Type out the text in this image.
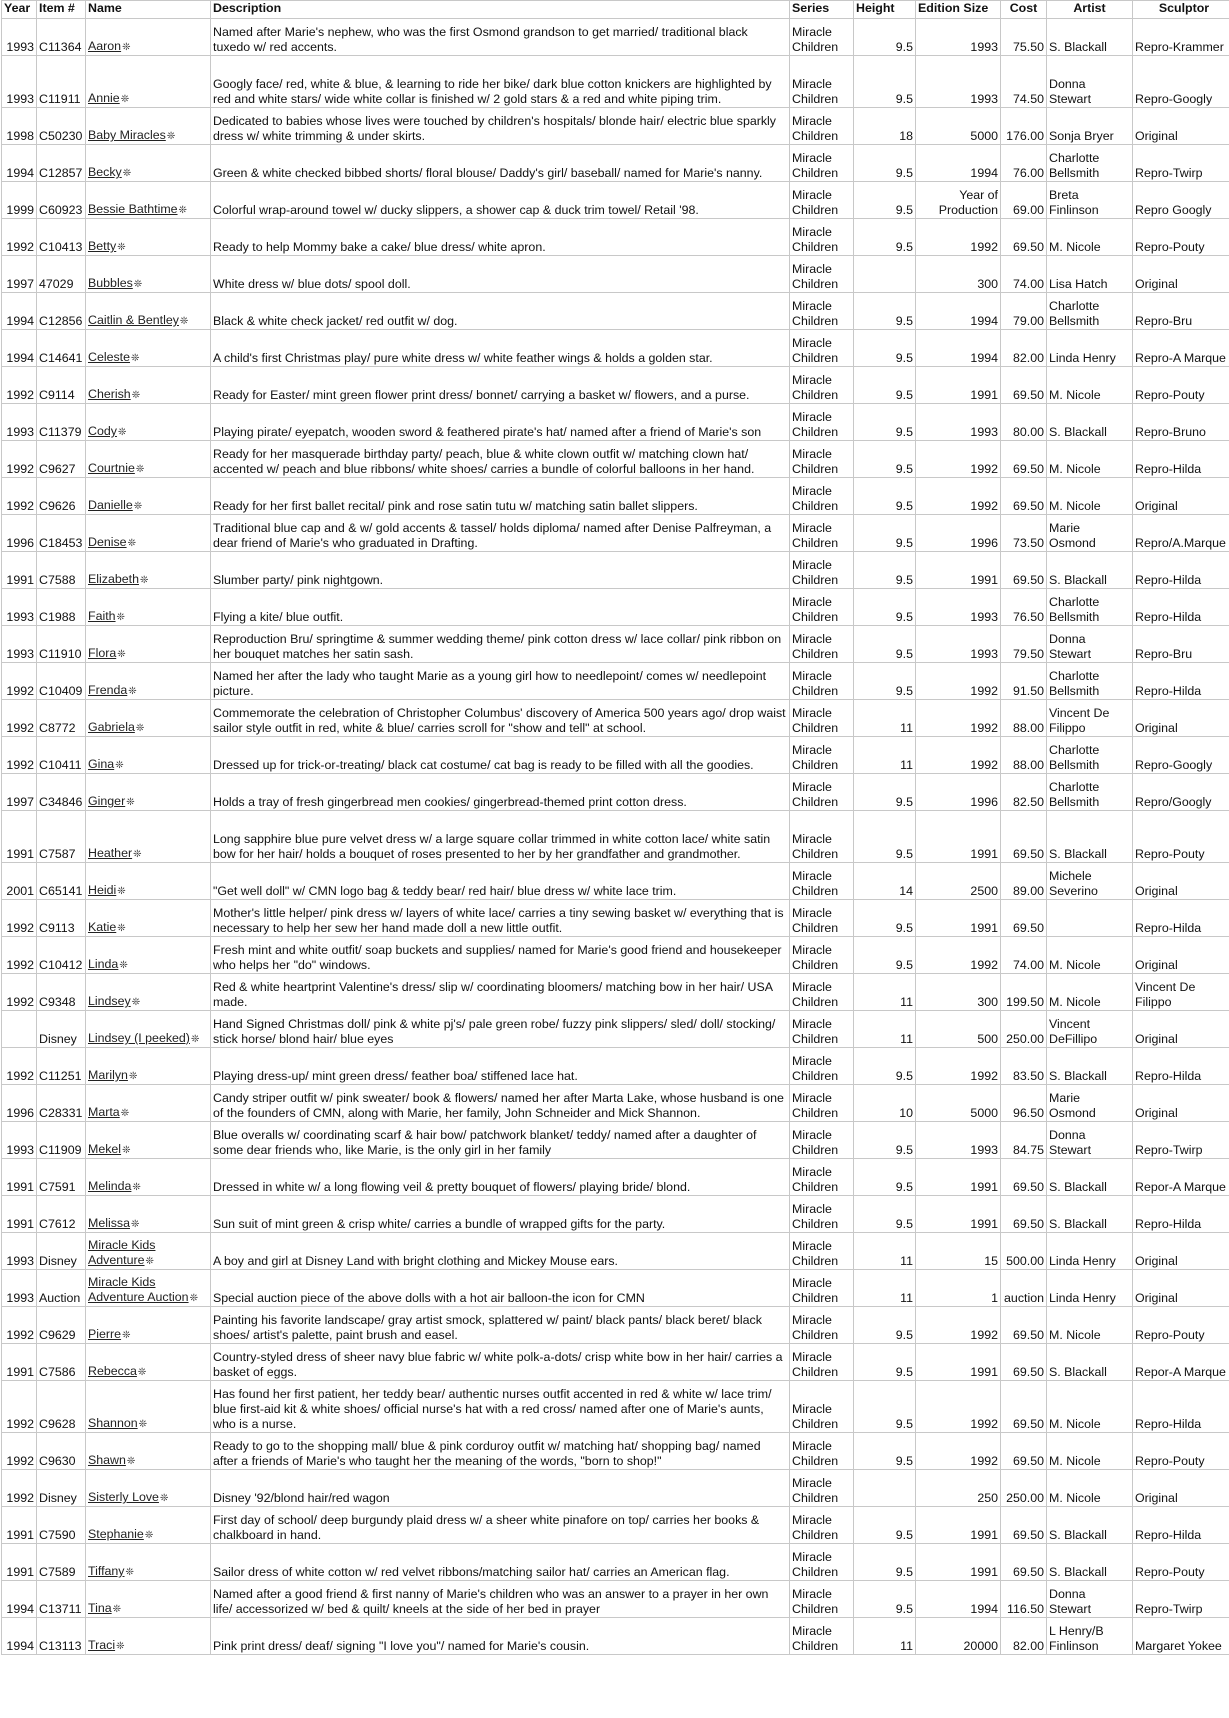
Year	Item #	Name	Description	Series	Height	Edition Size	Cost	Artist	Sculptor
1993	C11364	Aaron❊	Named after Marie's nephew, who was the first Osmond grandson to get married/ traditional black tuxedo w/ red accents.	Miracle Children	9.5	1993	75.50	S. Blackall	Repro-Krammer
1993	C11911	Annie❊	Googly face/ red, white & blue, & learning to ride her bike/ dark blue cotton knickers are highlighted by red and white stars/ wide white collar is finished w/ 2 gold stars & a red and white piping trim.	Miracle Children	9.5	1993	74.50	Donna Stewart	Repro-Googly
1998	C50230	Baby Miracles❊	Dedicated to babies whose lives were touched by children's hospitals/ blonde hair/ electric blue sparkly dress w/ white trimming & under skirts.	Miracle Children	18	5000	176.00	Sonja Bryer	Original
1994	C12857	Becky❊	Green & white checked bibbed shorts/ floral blouse/ Daddy's girl/ baseball/ named for Marie's nanny.	Miracle Children	9.5	1994	76.00	Charlotte Bellsmith	Repro-Twirp
1999	C60923	Bessie Bathtime❊	Colorful wrap-around towel w/ ducky slippers, a shower cap & duck trim towel/ Retail '98.	Miracle Children	9.5	Year of Production	69.00	Breta Finlinson	Repro Googly
1992	C10413	Betty❊	Ready to help Mommy bake a cake/ blue dress/ white apron.	Miracle Children	9.5	1992	69.50	M. Nicole	Repro-Pouty
1997	47029	Bubbles❊	White dress w/ blue dots/ spool doll.	Miracle Children		300	74.00	Lisa Hatch	Original
1994	C12856	Caitlin & Bentley❊	Black & white check jacket/ red outfit w/ dog.	Miracle Children	9.5	1994	79.00	Charlotte Bellsmith	Repro-Bru
1994	C14641	Celeste❊	A child's first Christmas play/ pure white dress w/ white feather wings & holds a golden star.	Miracle Children	9.5	1994	82.00	Linda Henry	Repro-A Marque
1992	C9114	Cherish❊	Ready for Easter/ mint green flower print dress/ bonnet/ carrying a basket w/ flowers, and a purse.	Miracle Children	9.5	1991	69.50	M. Nicole	Repro-Pouty
1993	C11379	Cody❊	Playing pirate/ eyepatch, wooden sword & feathered pirate's hat/ named after a friend of Marie's son	Miracle Children	9.5	1993	80.00	S. Blackall	Repro-Bruno
1992	C9627	Courtnie❊	Ready for her masquerade birthday party/ peach, blue & white clown outfit w/ matching clown hat/ accented w/ peach and blue ribbons/ white shoes/ carries a bundle of colorful balloons in her hand.	Miracle Children	9.5	1992	69.50	M. Nicole	Repro-Hilda
1992	C9626	Danielle❊	Ready for her first ballet recital/ pink and rose satin tutu w/ matching satin ballet slippers.	Miracle Children	9.5	1992	69.50	M. Nicole	Original
1996	C18453	Denise❊	Traditional blue cap and & w/ gold accents & tassel/ holds diploma/ named after Denise Palfreyman, a dear friend of Marie's who graduated in Drafting.	Miracle Children	9.5	1996	73.50	Marie Osmond	Repro/A.Marque
1991	C7588	Elizabeth❊	Slumber party/ pink nightgown.	Miracle Children	9.5	1991	69.50	S. Blackall	Repro-Hilda
1993	C1988	Faith❊	Flying a kite/ blue outfit.	Miracle Children	9.5	1993	76.50	Charlotte Bellsmith	Repro-Hilda
1993	C11910	Flora❊	Reproduction Bru/ springtime & summer wedding theme/ pink cotton dress w/ lace collar/ pink ribbon on her bouquet matches her satin sash.	Miracle Children	9.5	1993	79.50	Donna Stewart	Repro-Bru
1992	C10409	Frenda❊	Named her after the lady who taught Marie as a young girl how to needlepoint/ comes w/ needlepoint picture.	Miracle Children	9.5	1992	91.50	Charlotte Bellsmith	Repro-Hilda
1992	C8772	Gabriela❊	Commemorate the celebration of Christopher Columbus' discovery of America 500 years ago/ drop waist sailor style outfit in red, white & blue/ carries scroll for "show and tell" at school.	Miracle Children	11	1992	88.00	Vincent De Filippo	Original
1992	C10411	Gina❊	Dressed up for trick-or-treating/ black cat costume/ cat bag is ready to be filled with all the goodies.	Miracle Children	11	1992	88.00	Charlotte Bellsmith	Repro-Googly
1997	C34846	Ginger❊	Holds a tray of fresh gingerbread men cookies/ gingerbread-themed print cotton dress.	Miracle Children	9.5	1996	82.50	Charlotte Bellsmith	Repro/Googly
1991	C7587	Heather❊	Long sapphire blue pure velvet dress w/ a large square collar trimmed in white cotton lace/ white satin bow for her hair/ holds a bouquet of roses presented to her by her grandfather and grandmother.	Miracle Children	9.5	1991	69.50	S. Blackall	Repro-Pouty
2001	C65141	Heidi❊	"Get well doll" w/ CMN logo bag & teddy bear/ red hair/ blue dress w/ white lace trim.	Miracle Children	14	2500	89.00	Michele Severino	Original
1992	C9113	Katie❊	Mother's little helper/ pink dress w/ layers of white lace/ carries a tiny sewing basket w/ everything that is necessary to help her sew her hand made doll a new little outfit.	Miracle Children	9.5	1991	69.50		Repro-Hilda
1992	C10412	Linda❊	Fresh mint and white outfit/ soap buckets and supplies/ named for Marie's good friend and housekeeper who helps her "do" windows.	Miracle Children	9.5	1992	74.00	M. Nicole	Original
1992	C9348	Lindsey❊	Red & white heartprint Valentine's dress/ slip w/ coordinating bloomers/ matching bow in her hair/ USA made.	Miracle Children	11	300	199.50	M. Nicole	Vincent De Filippo
	Disney	Lindsey (I peeked)❊	Hand Signed Christmas doll/ pink & white pj's/ pale green robe/ fuzzy pink slippers/ sled/ doll/ stocking/ stick horse/ blond hair/ blue eyes	Miracle Children	11	500	250.00	Vincent DeFillipo	Original
1992	C11251	Marilyn❊	Playing dress-up/ mint green dress/ feather boa/ stiffened lace hat.	Miracle Children	9.5	1992	83.50	S. Blackall	Repro-Hilda
1996	C28331	Marta❊	Candy striper outfit w/ pink sweater/ book & flowers/ named her after Marta Lake, whose husband is one of the founders of CMN, along with Marie, her family, John Schneider and Mick Shannon.	Miracle Children	10	5000	96.50	Marie Osmond	Original
1993	C11909	Mekel❊	Blue overalls w/ coordinating scarf & hair bow/ patchwork blanket/ teddy/ named after a daughter of some dear friends who, like Marie, is the only girl in her family	Miracle Children	9.5	1993	84.75	Donna Stewart	Repro-Twirp
1991	C7591	Melinda❊	Dressed in white w/ a long flowing veil & pretty bouquet of flowers/ playing bride/ blond.	Miracle Children	9.5	1991	69.50	S. Blackall	Repor-A Marque
1991	C7612	Melissa❊	Sun suit of mint green & crisp white/ carries a bundle of wrapped gifts for the party.	Miracle Children	9.5	1991	69.50	S. Blackall	Repro-Hilda
1993	Disney	Miracle Kids Adventure❊	A boy and girl at Disney Land with bright clothing and Mickey Mouse ears.	Miracle Children	11	15	500.00	Linda Henry	Original
1993	Auction	Miracle Kids Adventure Auction❊	Special auction piece of the above dolls with a hot air balloon-the icon for CMN	Miracle Children	11	1	auction	Linda Henry	Original
1992	C9629	Pierre❊	Painting his favorite landscape/ gray artist smock, splattered w/ paint/ black pants/ black beret/ black shoes/ artist's palette, paint brush and easel.	Miracle Children	9.5	1992	69.50	M. Nicole	Repro-Pouty
1991	C7586	Rebecca❊	Country-styled dress of sheer navy blue fabric w/ white polk-a-dots/ crisp white bow in her hair/ carries a basket of eggs.	Miracle Children	9.5	1991	69.50	S. Blackall	Repor-A Marque
1992	C9628	Shannon❊	Has found her first patient, her teddy bear/ authentic nurses outfit accented in red & white w/ lace trim/ blue first-aid kit & white shoes/ official nurse's hat with a red cross/ named after one of Marie's aunts, who is a nurse.	Miracle Children	9.5	1992	69.50	M. Nicole	Repro-Hilda
1992	C9630	Shawn❊	Ready to go to the shopping mall/ blue & pink corduroy outfit w/ matching hat/ shopping bag/ named after a friends of Marie's who taught her the meaning of the words, "born to shop!"	Miracle Children	9.5	1992	69.50	M. Nicole	Repro-Pouty
1992	Disney	Sisterly Love❊	Disney '92/blond hair/red wagon	Miracle Children		250	250.00	M. Nicole	Original
1991	C7590	Stephanie❊	First day of school/ deep burgundy plaid dress w/ a sheer white pinafore on top/ carries her books & chalkboard in hand.	Miracle Children	9.5	1991	69.50	S. Blackall	Repro-Hilda
1991	C7589	Tiffany❊	Sailor dress of white cotton w/ red velvet ribbons/matching sailor hat/ carries an American flag.	Miracle Children	9.5	1991	69.50	S. Blackall	Repro-Pouty
1994	C13711	Tina❊	Named after a good friend & first nanny of Marie's children who was an answer to a prayer in her own life/ accessorized w/ bed & quilt/ kneels at the side of her bed in prayer	Miracle Children	9.5	1994	116.50	Donna Stewart	Repro-Twirp
1994	C13113	Traci❊	Pink print dress/ deaf/ signing "I love you"/ named for Marie's cousin.	Miracle Children	11	20000	82.00	L Henry/B Finlinson	Margaret Yokee
